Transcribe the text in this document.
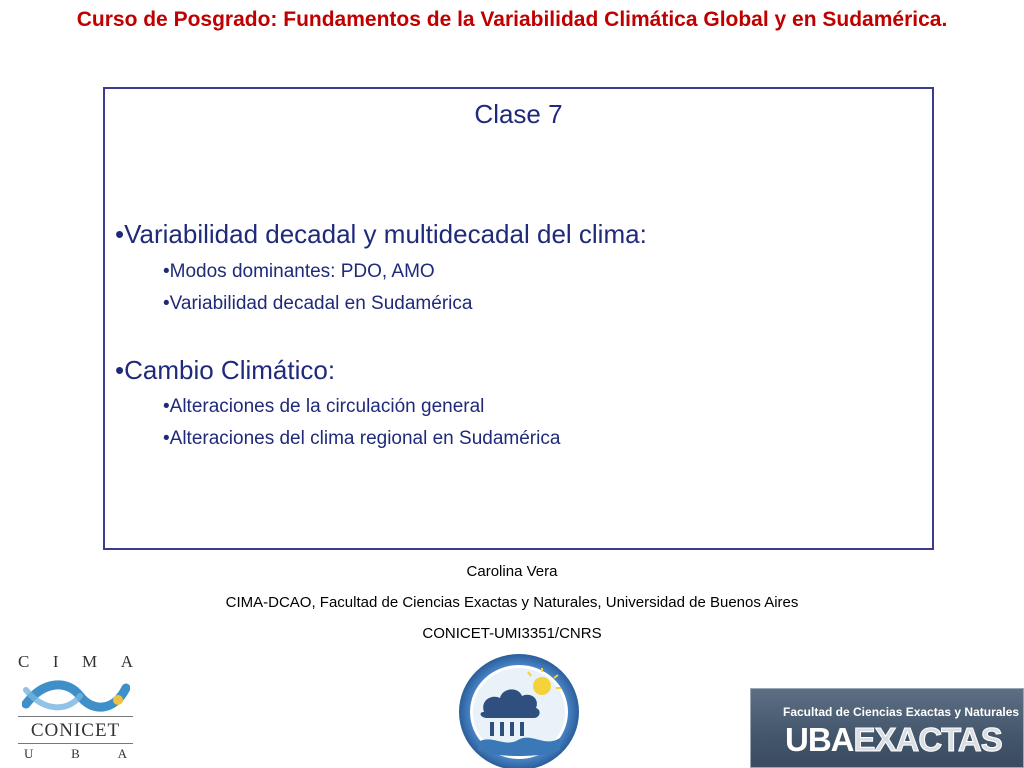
Curso de Posgrado: Fundamentos de la Variabilidad Climática Global y en Sudamérica.
Clase 7
•Variabilidad decadal y multidecadal del clima:
•Modos dominantes: PDO, AMO
•Variabilidad decadal en Sudamérica
•Cambio Climático:
•Alteraciones de la circulación general
•Alteraciones del clima regional en Sudamérica
Carolina Vera
CIMA-DCAO, Facultad de Ciencias Exactas y Naturales, Universidad de Buenos Aires
CONICET-UMI3351/CNRS
C I M A
CONICET
U	B	A
Facultad de Ciencias Exactas y Naturales
UBAEXACTAS
